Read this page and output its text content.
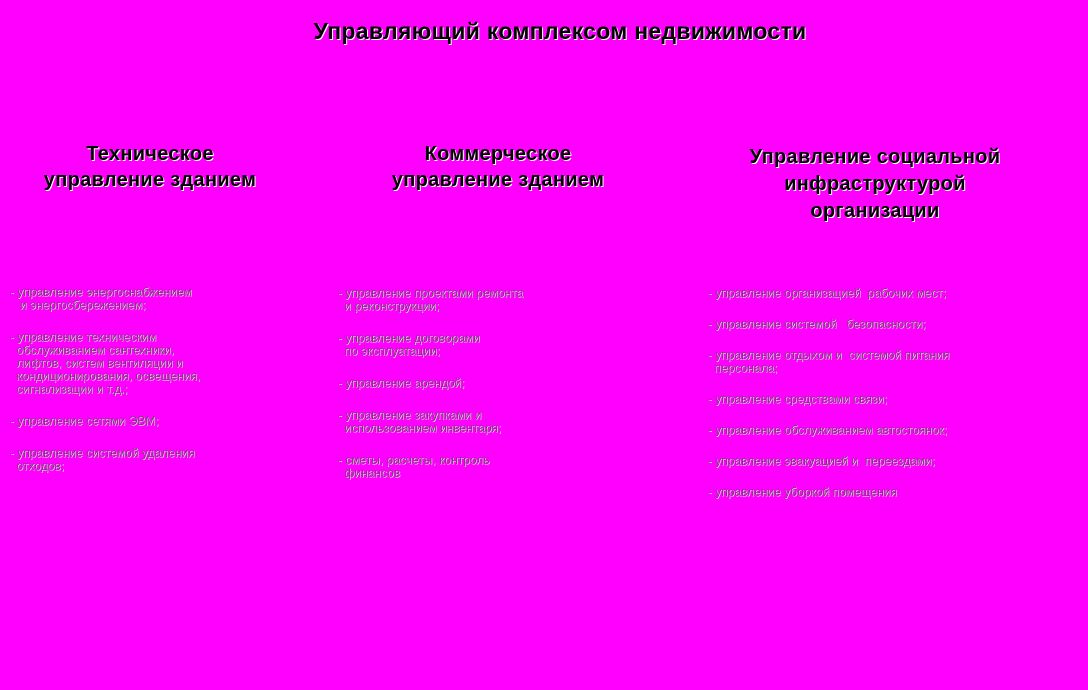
Управляющий комплексом недвижимости
Техническое
управление зданием
Коммерческое
управление зданием
Управление социальной
инфраструктурой
организации
- управление энергоснабжением
и энергосбережением;
- управление техническим
обслуживанием сантехники,
лифтов, систем вентиляции и
кондиционирования, освещения,
сигнализации и т.д.;
- управление сетями ЭВМ;
- управление системой удаления
отходов;
- управление проектами ремонта
и реконструкции;
- управление договорами
по эксплуатации;
- управление арендой;
- управление закупками и
использованием инвентаря;
- сметы, расчеты, контроль
финансов
- управление организацией  рабочих мест;
- управление системой   безопасности;
- управление отдыхом и  системой питания
персонала;
- управление средствами связи;
- управление обслуживанием автостоянок;
- управление эвакуацией и  переездами;
- управление уборкой помещения
